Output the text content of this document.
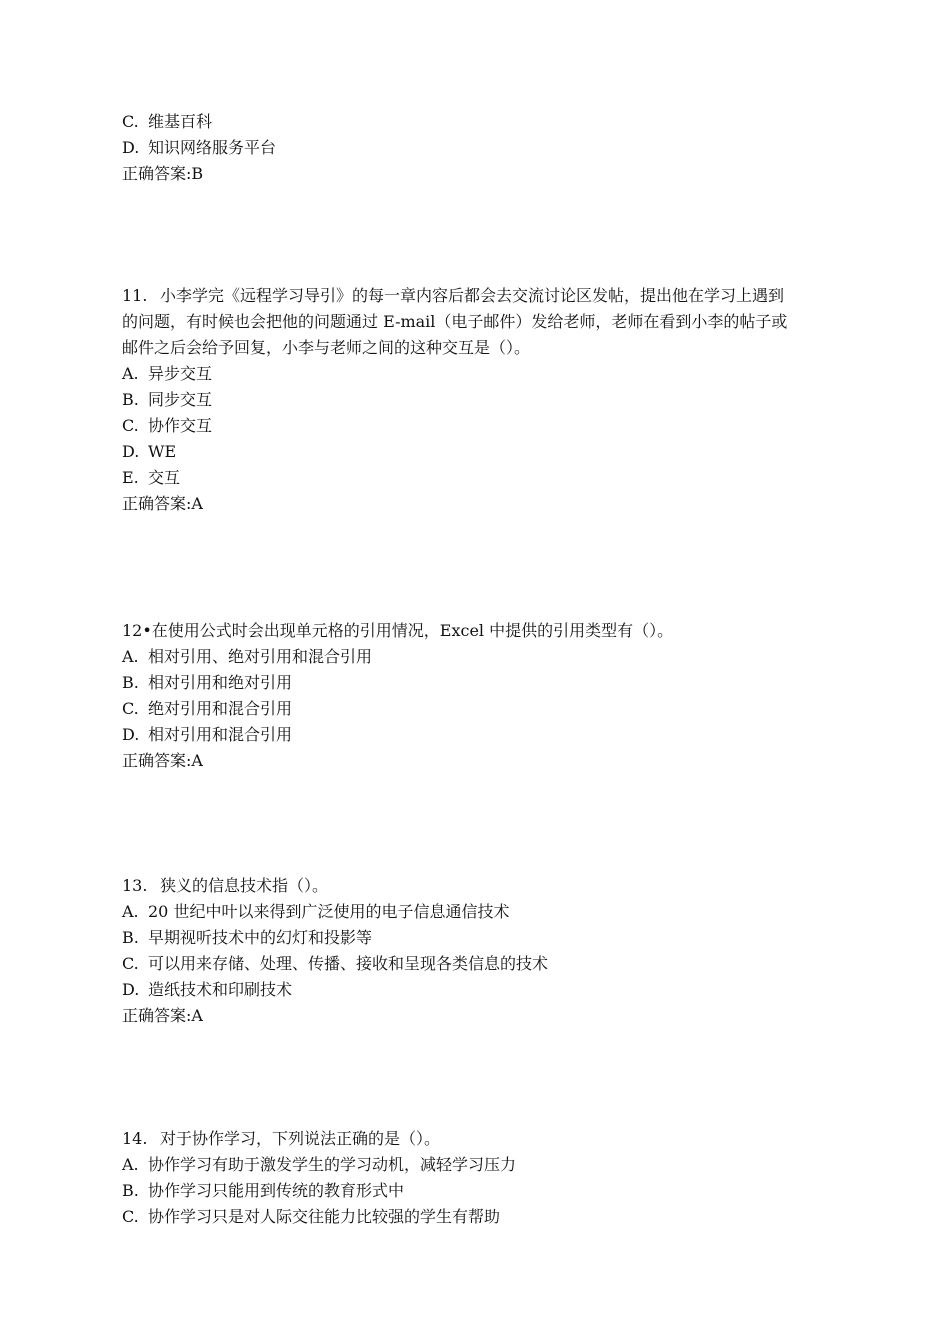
C. 维基百科
D. 知识网络服务平台
正确答案:B
11. 小李学完《远程学习导引》的每一章内容后都会去交流讨论区发帖，提出他在学习上遇到
的问题，有时候也会把他的问题通过 E-mail（电子邮件）发给老师，老师在看到小李的帖子或
邮件之后会给予回复，小李与老师之间的这种交互是（）。
A. 异步交互
B. 同步交互
C. 协作交互
D. WE
E. 交互
正确答案:A
12•在使用公式时会出现单元格的引用情况，Excel 中提供的引用类型有（）。
A. 相对引用、绝对引用和混合引用
B. 相对引用和绝对引用
C. 绝对引用和混合引用
D. 相对引用和混合引用
正确答案:A
13. 狭义的信息技术指（）。
A. 20 世纪中叶以来得到广泛使用的电子信息通信技术
B. 早期视听技术中的幻灯和投影等
C. 可以用来存储、处理、传播、接收和呈现各类信息的技术
D. 造纸技术和印刷技术
正确答案:A
14. 对于协作学习，下列说法正确的是（）。
A. 协作学习有助于激发学生的学习动机，减轻学习压力
B. 协作学习只能用到传统的教育形式中
C. 协作学习只是对人际交往能力比较强的学生有帮助
